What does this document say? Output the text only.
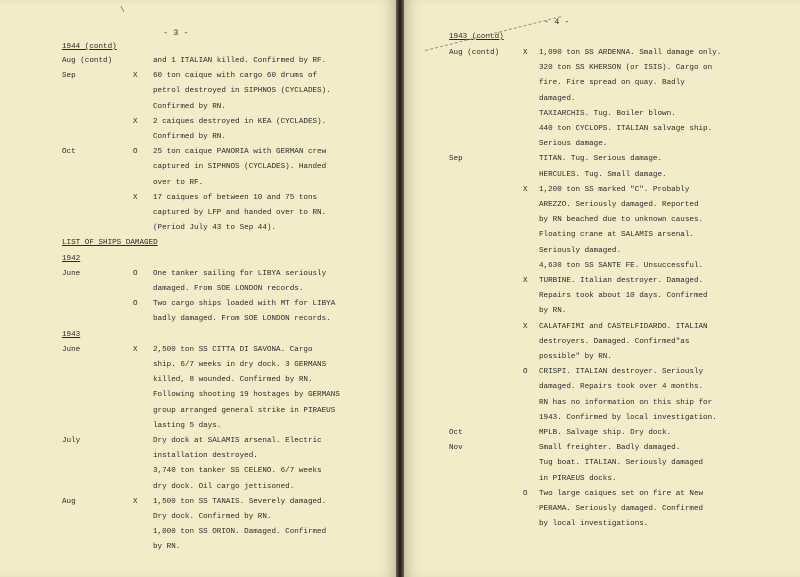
\
- 3 -
1944 (contd)
Aug (contd)	and 1 ITALIAN killed. Confirmed by RF.
Sep	X 60 ton caique with cargo 60 drums of
petrol destroyed in SIPHNOS (CYCLADES).
Confirmed by RN.
X 2 caiques destroyed in KEA (CYCLADES).
Confirmed by RN.
Oct	O 25 ton caique PANORIA with GERMAN crew
captured in SIPHNOS (CYCLADES). Handed
over to RF.
X 17 caiques of between 10 and 75 tons
captured by LFP and handed over to RN.
(Period July 43 to Sep 44).
LIST OF SHIPS DAMAGED
1942
June	O One tanker sailing for LIBYA seriously
damaged. From SOE LONDON records.
O Two cargo ships loaded with MT for LIBYA
badly damaged. From SOE LONDON records.
1943
June	X 2,500 ton SS CITTA DI SAVONA. Cargo
ship. 6/7 weeks in dry dock. 3 GERMANS
killed, 8 wounded. Confirmed by RN.
Following shooting 19 hostages by GERMANS
group arranged general strike in PIRAEUS
lasting 5 days.
July	Dry dock at SALAMIS arsenal. Electric
installation destroyed.
3,740 ton tanker SS CELENO. 6/7 weeks
dry dock. Oil cargo jettisoned.
Aug	X 1,500 ton SS TANAIS. Severely damaged.
Dry dock. Confirmed by RN.
1,000 ton SS ORION. Damaged. Confirmed
by RN.
- 4 -
1943 (contd)
Aug (contd)	X 1,090 ton SS ARDENNA. Small damage only.
320 ton SS KHERSON (or ISIS). Cargo on
fire. Fire spread on quay. Badly
damaged.
TAXIARCHIS. Tug. Boiler blown.
440 ton CYCLOPS. ITALIAN salvage ship.
Serious damage.
Sep	TITAN. Tug. Serious damage.
HERCULES. Tug. Small damage.
X 1,200 ton SS marked "C". Probably
AREZZO. Seriously damaged. Reported
by RN beached due to unknown causes.
Floating crane at SALAMIS arsenal.
Seriously damaged.
4,630 ton SS SANTE FE. Unsuccessful.
X TURBINE. Italian destroyer. Damaged.
Repairs took about 10 days. Confirmed
by RN.
X CALATAFIMI and CASTELFIDARDO. ITALIAN
destroyers. Damaged. Confirmed"as
possible" by RN.
O CRISPI. ITALIAN destroyer. Seriously
damaged. Repairs took over 4 months.
RN has no information on this ship for
1943. Confirmed by local investigation.
Oct	MPLB. Salvage ship. Dry dock.
Nov	Small freighter. Badly damaged.
Tug boat. ITALIAN. Seriously damaged
in PIRAEUS docks.
O Two large caiques set on fire at New
PERAMA. Seriously damaged. Confirmed
by local investigations.
